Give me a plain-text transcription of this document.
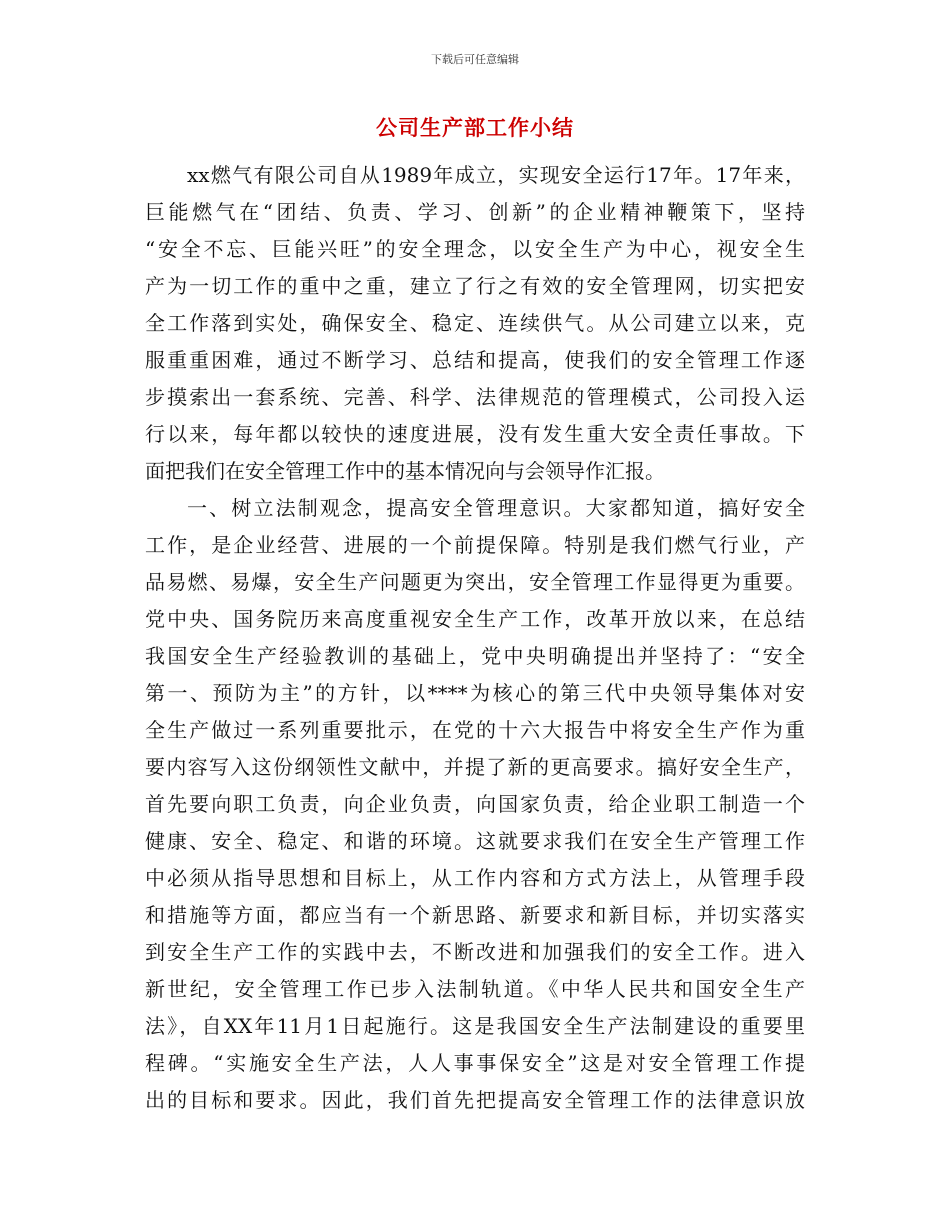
下载后可任意编辑
公司生产部工作小结
xx燃气有限公司自从1989年成立，实现安全运行17年。17年来，
巨能燃气在“团结、负责、学习、创新”的企业精神鞭策下，坚持
“安全不忘、巨能兴旺”的安全理念，以安全生产为中心，视安全生
产为一切工作的重中之重，建立了行之有效的安全管理网，切实把安
全工作落到实处，确保安全、稳定、连续供气。从公司建立以来，克
服重重困难，通过不断学习、总结和提高，使我们的安全管理工作逐
步摸索出一套系统、完善、科学、法律规范的管理模式，公司投入运
行以来，每年都以较快的速度进展，没有发生重大安全责任事故。下
面把我们在安全管理工作中的基本情况向与会领导作汇报。
一、树立法制观念，提高安全管理意识。大家都知道，搞好安全
工作，是企业经营、进展的一个前提保障。特别是我们燃气行业，产
品易燃、易爆，安全生产问题更为突出，安全管理工作显得更为重要。
党中央、国务院历来高度重视安全生产工作，改革开放以来，在总结
我国安全生产经验教训的基础上，党中央明确提出并坚持了：“安全
第一、预防为主”的方针，以****为核心的第三代中央领导集体对安
全生产做过一系列重要批示，在党的十六大报告中将安全生产作为重
要内容写入这份纲领性文献中，并提了新的更高要求。搞好安全生产，
首先要向职工负责，向企业负责，向国家负责，给企业职工制造一个
健康、安全、稳定、和谐的环境。这就要求我们在安全生产管理工作
中必须从指导思想和目标上，从工作内容和方式方法上，从管理手段
和措施等方面，都应当有一个新思路、新要求和新目标，并切实落实
到安全生产工作的实践中去，不断改进和加强我们的安全工作。进入
新世纪，安全管理工作已步入法制轨道。《中华人民共和国安全生产
法》，自XX年11月1日起施行。这是我国安全生产法制建设的重要里
程碑。“实施安全生产法，人人事事保安全”这是对安全管理工作提
出的目标和要求。因此，我们首先把提高安全管理工作的法律意识放
